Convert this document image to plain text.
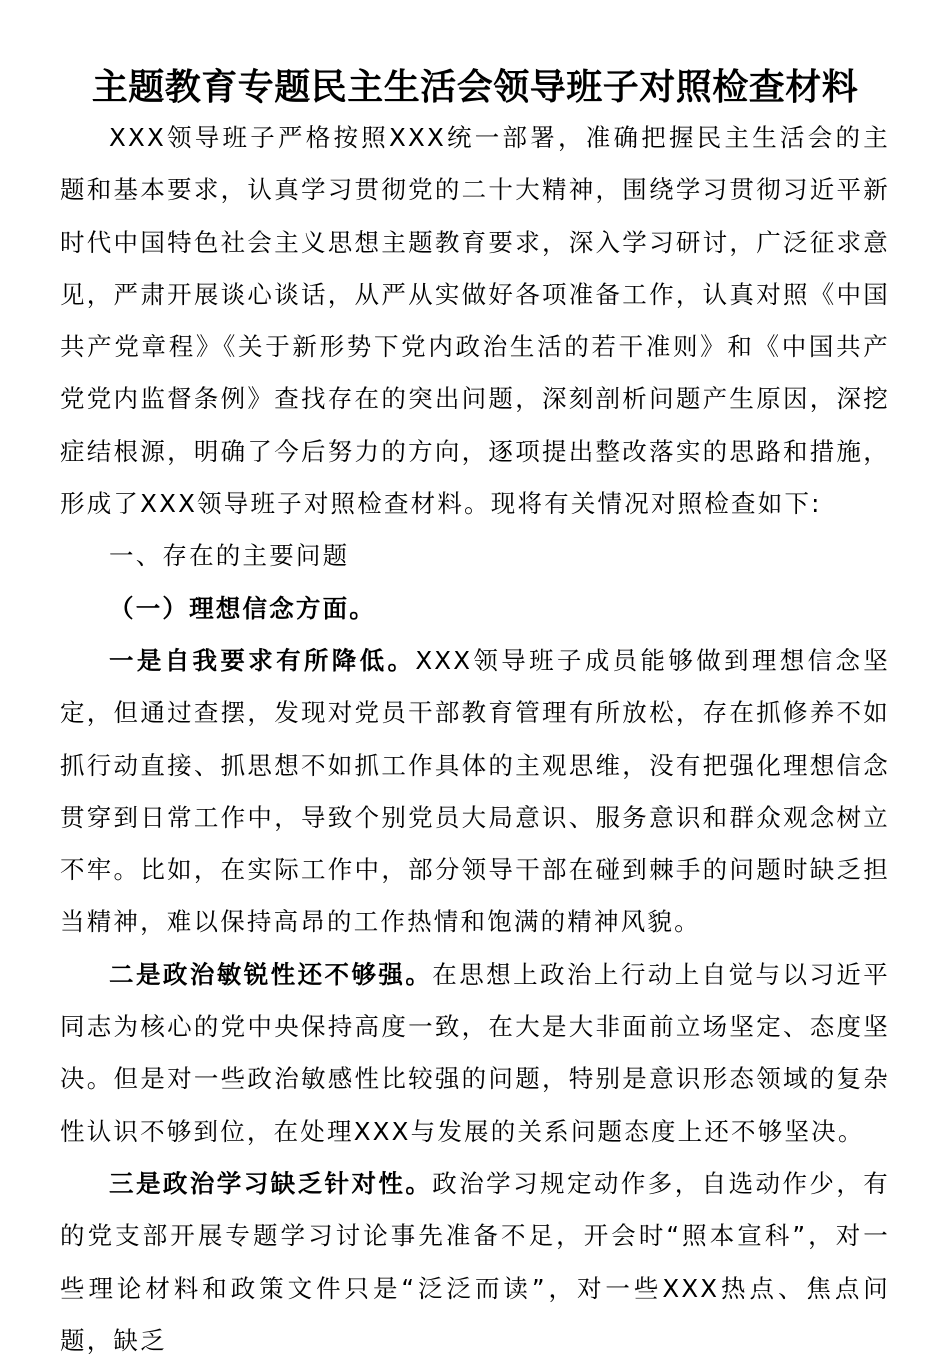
主题教育专题民主生活会领导班子对照检查材料

XXX领导班子严格按照XXX统一部署，准确把握民主生活会的主题和基本要求，认真学习贯彻党的二十大精神，围绕学习贯彻习近平新时代中国特色社会主义思想主题教育要求，深入学习研讨，广泛征求意见，严肃开展谈心谈话，从严从实做好各项准备工作，认真对照《中国共产党章程》《关于新形势下党内政治生活的若干准则》和《中国共产党党内监督条例》查找存在的突出问题，深刻剖析问题产生原因，深挖症结根源，明确了今后努力的方向，逐项提出整改落实的思路和措施，形成了XXX领导班子对照检查材料。现将有关情况对照检查如下:

一、存在的主要问题

（一）理想信念方面。

一是自我要求有所降低。XXX领导班子成员能够做到理想信念坚定，但通过查摆，发现对党员干部教育管理有所放松，存在抓修养不如抓行动直接、抓思想不如抓工作具体的主观思维，没有把强化理想信念贯穿到日常工作中，导致个别党员大局意识、服务意识和群众观念树立不牢。比如，在实际工作中，部分领导干部在碰到棘手的问题时缺乏担当精神，难以保持高昂的工作热情和饱满的精神风貌。

二是政治敏锐性还不够强。在思想上政治上行动上自觉与以习近平同志为核心的党中央保持高度一致，在大是大非面前立场坚定、态度坚决。但是对一些政治敏感性比较强的问题，特别是意识形态领域的复杂性认识不够到位，在处理XXX与发展的关系问题态度上还不够坚决。

三是政治学习缺乏针对性。政治学习规定动作多，自选动作少，有的党支部开展专题学习讨论事先准备不足，开会时“照本宣科”，对一些理论材料和政策文件只是“泛泛而读”，对一些XXX热点、焦点问题，缺乏
